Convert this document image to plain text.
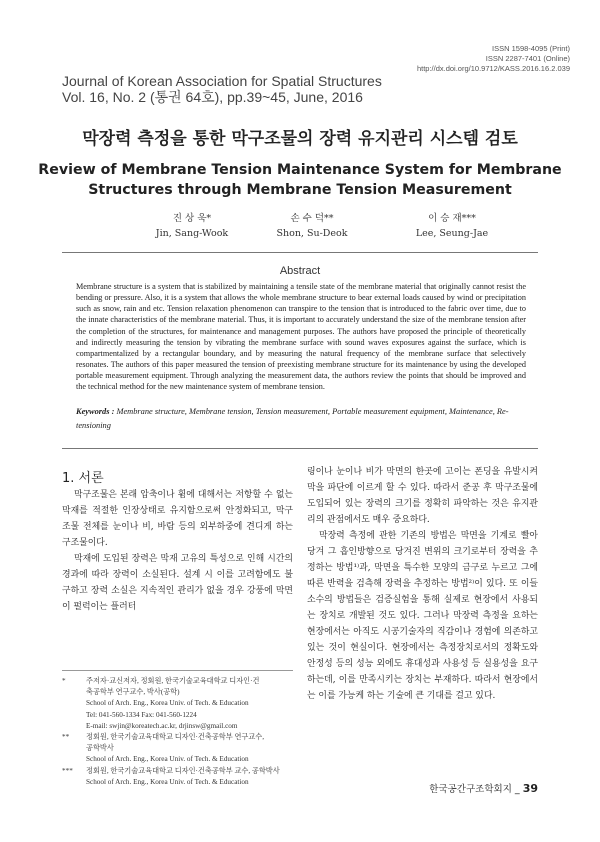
ISSN 1598-4095 (Print)
ISSN 2287-7401 (Online)
http://dx.doi.org/10.9712/KASS.2016.16.2.039
Journal of Korean Association for Spatial Structures
Vol. 16, No. 2 (통권 64호), pp.39~45, June, 2016
막장력 측정을 통한 막구조물의 장력 유지관리 시스템 검토
Review of Membrane Tension Maintenance System for Membrane
Structures through Membrane Tension Measurement
진 상 욱*
Jin, Sang-Wook
손 수 덕**
Shon, Su-Deok
이 승 재***
Lee, Seung-Jae
Abstract
Membrane structure is a system that is stabilized by maintaining a tensile state of the membrane material that originally cannot resist the bending or pressure. Also, it is a system that allows the whole membrane structure to bear external loads caused by wind or precipitation such as snow, rain and etc. Tension relaxation phenomenon can transpire to the tension that is introduced to the fabric over time, due to the innate characteristics of the membrane material. Thus, it is important to accurately understand the size of the membrane tension after the completion of the structures, for maintenance and management purposes. The authors have proposed the principle of theoretically and indirectly measuring the tension by vibrating the membrane surface with sound waves exposures against the surface, which is compartmentalized by a rectangular boundary, and by measuring the natural frequency of the membrane surface that selectively resonates. The authors of this paper measured the tension of preexisting membrane structure for its maintenance by using the developed portable measurement equipment. Through analyzing the measurement data, the authors review the points that should be improved and the technical method for the new maintenance system of membrane tension.
Keywords : Membrane structure, Membrane tension, Tension measurement, Portable measurement equipment, Maintenance, Re-tensioning
1. 서론

막구조물은 본래 압축이나 휨에 대해서는 저항할 수 없는 막재를 적절한 인장상태로 유지함으로써 안정화되고, 막구조물 전체를 눈이나 비, 바람 등의 외부하중에 견디게 하는 구조물이다.

막재에 도입된 장력은 막재 고유의 특성으로 인해 시간의 경과에 따라 장력이 소실된다. 설계 시 이를 고려함에도 불구하고 장력 소실은 지속적인 관리가 없을 경우 강풍에 막면이 펄럭이는 플러터

링이나 눈이나 비가 막면의 한곳에 고이는 폰딩을 유발시켜 막을 파단에 이르게 할 수 있다. 따라서 준공 후 막구조물에 도입되어 있는 장력의 크기를 정확히 파악하는 것은 유지관리의 관점에서도 매우 중요하다.

막장력 측정에 관한 기존의 방법은 막면을 기계로 빨아 당겨 그 흡인방향으로 당겨진 변위의 크기로부터 장력을 추정하는 방법¹⁾과, 막면을 특수한 모양의 금구로 누르고 그에 따른 반력을 검측해 장력을 추정하는 방법²⁾이 있다. 또 이들 소수의 방법들은 검증실험을 통해 실제로 현장에서 사용되는 장치로 개발된 것도 있다. 그러나 막장력 측정을 요하는 현장에서는 아직도 시공기술자의 직감이나 경험에 의존하고 있는 것이 현실이다. 현장에서는 측정장치로서의 정확도와 안정성 등의 성능 외에도 휴대성과 사용성 등 실용성을 요구하는데, 이를 만족시키는 장치는 부재하다. 따라서 현장에서는 이를 가능케 하는 기술에 큰 기대를 걸고 있다.

*	주저자·교신저자, 정회원, 한국기술교육대학교 디자인·건
축공학부 연구교수, 박사(공학)
School of Arch. Eng., Korea Univ. of Tech. & Education
Tel: 041-560-1334 Fax: 041-560-1224
E-mail: swjin@koreatech.ac.kr, drjinsw@gmail.com
**	정회원, 한국기술교육대학교 디자인·건축공학부 연구교수,
공학박사
School of Arch. Eng., Korea Univ. of Tech. & Education
***	정회원, 한국기술교육대학교 디자인·건축공학부 교수, 공학박사
School of Arch. Eng., Korea Univ. of Tech. & Education
한국공간구조학회지 _ 39
